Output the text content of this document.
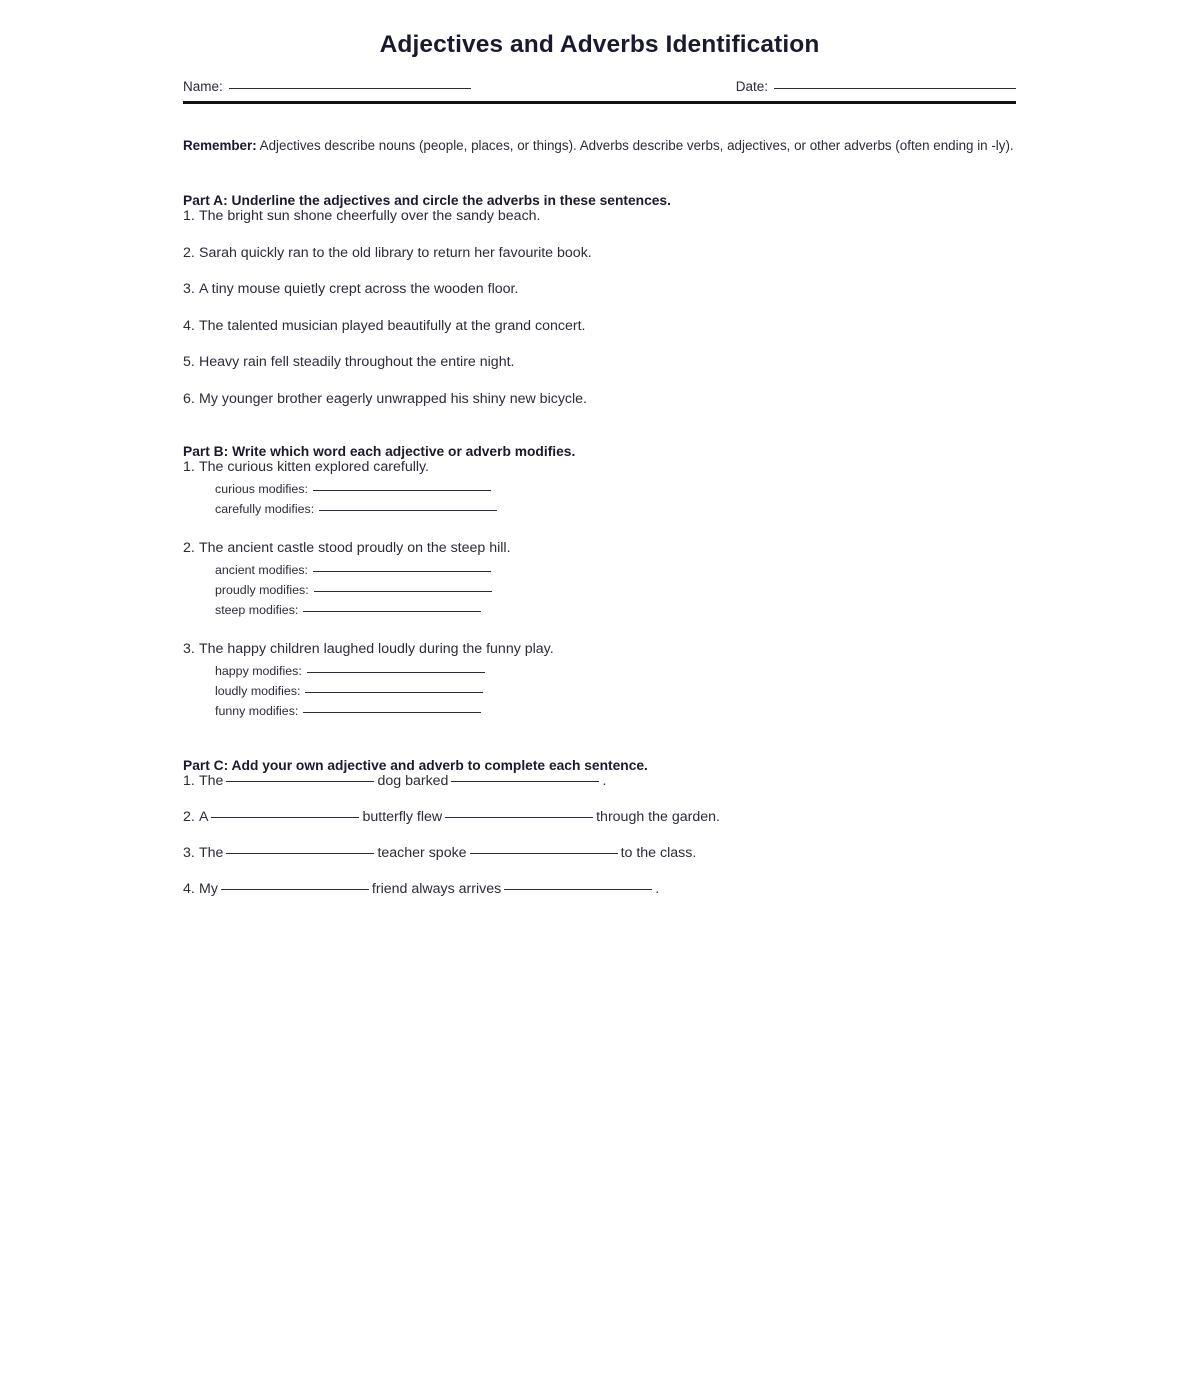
Adjectives and Adverbs Identification
Name:	Date:

Remember: Adjectives describe nouns (people, places, or things). Adverbs describe verbs, adjectives, or other adverbs (often ending in -ly).

Part A: Underline the adjectives and circle the adverbs in these sentences.
1. The bright sun shone cheerfully over the sandy beach.
2. Sarah quickly ran to the old library to return her favourite book.
3. A tiny mouse quietly crept across the wooden floor.
4. The talented musician played beautifully at the grand concert.
5. Heavy rain fell steadily throughout the entire night.
6. My younger brother eagerly unwrapped his shiny new bicycle.
Part B: Write which word each adjective or adverb modifies.
1. The curious kitten explored carefully.
curious modifies:
carefully modifies:
2. The ancient castle stood proudly on the steep hill.
ancient modifies:
proudly modifies:
steep modifies:
3. The happy children laughed loudly during the funny play.
happy modifies:
loudly modifies:
funny modifies:
Part C: Add your own adjective and adverb to complete each sentence.
1. The	dog barked	.
2. A	butterfly flew	through the garden.
3. The	teacher spoke	to the class.
4. My	friend always arrives	.
